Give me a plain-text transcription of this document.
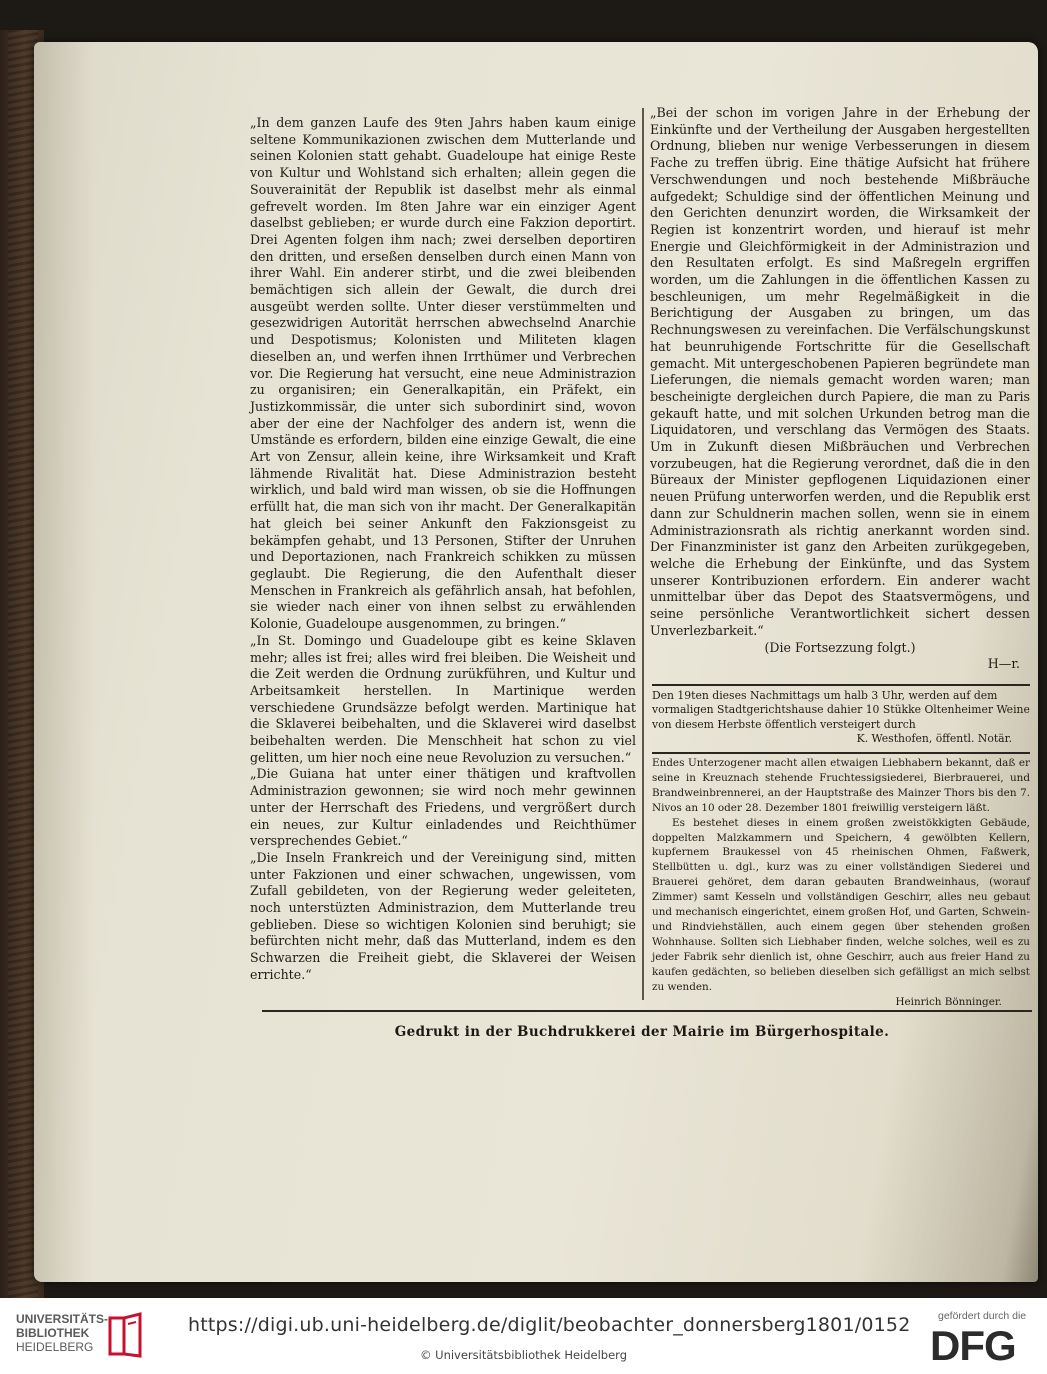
„In dem ganzen Laufe des 9ten Jahrs haben kaum einige seltene Kommunikazionen zwischen dem Mutterlande und seinen Kolonien statt gehabt. Guadeloupe hat einige Reste von Kultur und Wohlstand sich erhalten; allein gegen die Souverainität der Republik ist daselbst mehr als einmal gefrevelt worden. Im 8ten Jahre war ein einziger Agent daselbst geblieben; er wurde durch eine Fakzion deportirt. Drei Agenten folgen ihm nach; zwei derselben deportiren den dritten, und erseßen denselben durch einen Mann von ihrer Wahl. Ein anderer stirbt, und die zwei bleibenden bemächtigen sich allein der Gewalt, die durch drei ausgeübt werden sollte. Unter dieser verstümmelten und gesezwidrigen Autorität herrschen abwechselnd Anarchie und Despotismus; Kolonisten und Militeten klagen dieselben an, und werfen ihnen Irrthümer und Verbrechen vor. Die Regierung hat versucht, eine neue Administrazion zu organisiren; ein Generalkapitän, ein Präfekt, ein Justizkommissär, die unter sich subordinirt sind, wovon aber der eine der Nachfolger des andern ist, wenn die Umstände es erfordern, bilden eine einzige Gewalt, die eine Art von Zensur, allein keine, ihre Wirksamkeit und Kraft lähmende Rivalität hat. Diese Administrazion besteht wirklich, und bald wird man wissen, ob sie die Hoffnungen erfüllt hat, die man sich von ihr macht. Der Generalkapitän hat gleich bei seiner Ankunft den Fakzionsgeist zu bekämpfen gehabt, und 13 Personen, Stifter der Unruhen und Deportazionen, nach Frankreich schikken zu müssen geglaubt. Die Regierung, die den Aufenthalt dieser Menschen in Frankreich als gefährlich ansah, hat befohlen, sie wieder nach einer von ihnen selbst zu erwählenden Kolonie, Guadeloupe ausgenommen, zu bringen.“

„In St. Domingo und Guadeloupe gibt es keine Sklaven mehr; alles ist frei; alles wird frei bleiben. Die Weisheit und die Zeit werden die Ordnung zurükführen, und Kultur und Arbeitsamkeit herstellen. In Martinique werden verschiedene Grundsäzze befolgt werden. Martinique hat die Sklaverei beibehalten, und die Sklaverei wird daselbst beibehalten werden. Die Menschheit hat schon zu viel gelitten, um hier noch eine neue Revoluzion zu versuchen.“

„Die Guiana hat unter einer thätigen und kraftvollen Administrazion gewonnen; sie wird noch mehr gewinnen unter der Herrschaft des Friedens, und vergrößert durch ein neues, zur Kultur einladendes und Reichthümer versprechendes Gebiet.“

„Die Inseln Frankreich und der Vereinigung sind, mitten unter Fakzionen und einer schwachen, ungewissen, vom Zufall gebildeten, von der Regierung weder geleiteten, noch unterstüzten Administrazion, dem Mutterlande treu geblieben. Diese so wichtigen Kolonien sind beruhigt; sie befürchten nicht mehr, daß das Mutterland, indem es den Schwarzen die Freiheit giebt, die Sklaverei der Weisen errichte.“

„Bei der schon im vorigen Jahre in der Erhebung der Einkünfte und der Vertheilung der Ausgaben hergestellten Ordnung, blieben nur wenige Verbesserungen in diesem Fache zu treffen übrig. Eine thätige Aufsicht hat frühere Verschwendungen und noch bestehende Mißbräuche aufgedekt; Schuldige sind der öffentlichen Meinung und den Gerichten denunzirt worden, die Wirksamkeit der Regien ist konzentrirt worden, und hierauf ist mehr Energie und Gleichförmigkeit in der Administrazion und den Resultaten erfolgt. Es sind Maßregeln ergriffen worden, um die Zahlungen in die öffentlichen Kassen zu beschleunigen, um mehr Regelmäßigkeit in die Berichtigung der Ausgaben zu bringen, um das Rechnungswesen zu vereinfachen. Die Verfälschungskunst hat beunruhigende Fortschritte für die Gesellschaft gemacht. Mit untergeschobenen Papieren begründete man Lieferungen, die niemals gemacht worden waren; man bescheinigte dergleichen durch Papiere, die man zu Paris gekauft hatte, und mit solchen Urkunden betrog man die Liquidatoren, und verschlang das Vermögen des Staats. Um in Zukunft diesen Mißbräuchen und Verbrechen vorzubeugen, hat die Regierung verordnet, daß die in den Büreaux der Minister gepflogenen Liquidazionen einer neuen Prüfung unterworfen werden, und die Republik erst dann zur Schuldnerin machen sollen, wenn sie in einem Administrazionsrath als richtig anerkannt worden sind. Der Finanzminister ist ganz den Arbeiten zurükgegeben, welche die Erhebung der Einkünfte, und das System unserer Kontribuzionen erfordern. Ein anderer wacht unmittelbar über das Depot des Staatsvermögens, und seine persönliche Verantwortlichkeit sichert dessen Unverlezbarkeit.“

(Die Fortsezzung folgt.)

H—r.

Den 19ten dieses Nachmittags um halb 3 Uhr, werden auf dem vormaligen Stadtgerichtshause dahier 10 Stükke Oltenheimer Weine von diesem Herbste öffentlich versteigert durch
K. Westhofen, öffentl. Notär.
Endes Unterzogener macht allen etwaigen Liebhabern bekannt, daß er seine in Kreuznach stehende Fruchtessigsiederei, Bierbrauerei, und Brandweinbrennerei, an der Hauptstraße des Mainzer Thors bis den 7. Nivos an 10 oder 28. Dezember 1801 freiwillig versteigern läßt.
Es bestehet dieses in einem großen zweistökkigten Gebäude, doppelten Malzkammern und Speichern, 4 gewölbten Kellern, kupfernem Braukessel von 45 rheinischen Ohmen, Faßwerk, Stellbütten u. dgl., kurz was zu einer vollständigen Siederei und Brauerei gehöret, dem daran gebauten Brandweinhaus, (worauf Zimmer) samt Kesseln und vollständigen Geschirr, alles neu gebaut und mechanisch eingerichtet, einem großen Hof, und Garten, Schwein- und Rindviehställen, auch einem gegen über stehenden großen Wohnhause. Sollten sich Liebhaber finden, welche solches, weil es zu jeder Fabrik sehr dienlich ist, ohne Geschirr, auch aus freier Hand zu kaufen gedächten, so belieben dieselben sich gefälligst an mich selbst zu wenden.
Heinrich Bönninger.
Gedrukt in der Buchdrukkerei der Mairie im Bürgerhospitale.
UNIVERSITÄTS-
BIBLIOTHEK
HEIDELBERG
https://digi.ub.uni-heidelberg.de/diglit/beobachter_donnersberg1801/0152
© Universitätsbibliothek Heidelberg
gefördert durch die
DFG
